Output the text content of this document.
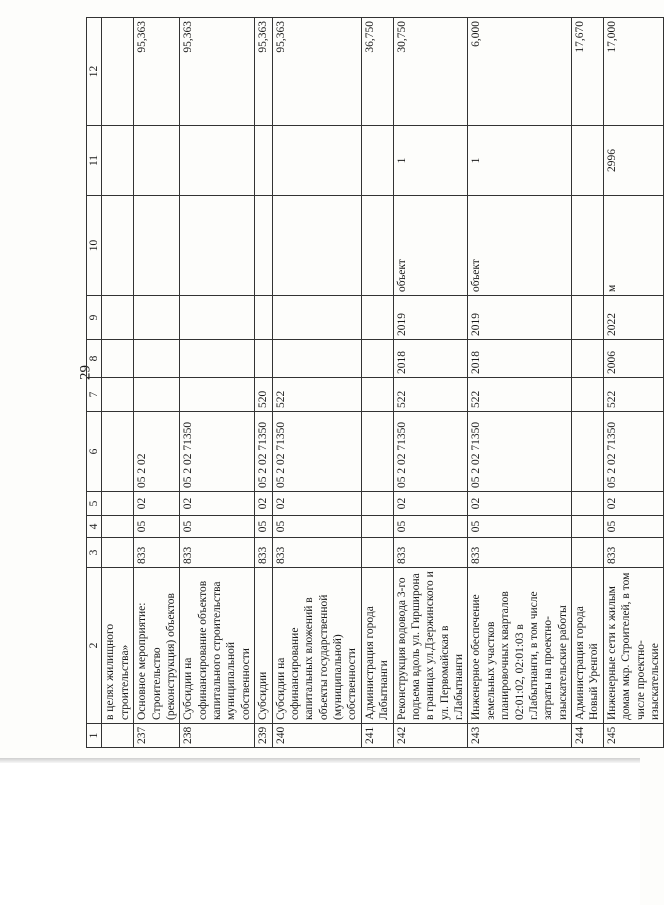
29
1	2	3	4	5	6	7	8	9	10	11	12
	в целях жилищного строительства»										
237	Основное мероприятие: Строительство (реконструкция) объектов	833	05	02	05 2 02						95,363
238	Субсидии на софинансирование объектов капитального строительства муниципальной собственности	833	05	02	05 2 02 71350						95,363
239	Субсидии	833	05	02	05 2 02 71350	520					95,363
240	Субсидии на софинансирование капитальных вложений в объекты государственной (муниципальной) собственности	833	05	02	05 2 02 71350	522					95,363
241	Администрация города Лабытнанги										36,750
242	Реконструкция водовода 3-го подъема вдоль ул. Гирширона в границах ул.Дзержинского и ул. Первомайская в г.Лабытнанги	833	05	02	05 2 02 71350	522	2018	2019	объект	1	30,750
243	Инженерное обеспечение земельных участков планировочных кварталов 02:01:02, 02:01:03 в г.Лабытнанги, в том числе затраты на проектно-изыскательские работы	833	05	02	05 2 02 71350	522	2018	2019	объект	1	6,000
244	Администрация города Новый Уренгой										17,670
245	Инженерные сети к жилым домам мкр. Строителей, в том числе проектно-изыскательские	833	05	02	05 2 02 71350	522	2006	2022	м	2996	17,000
